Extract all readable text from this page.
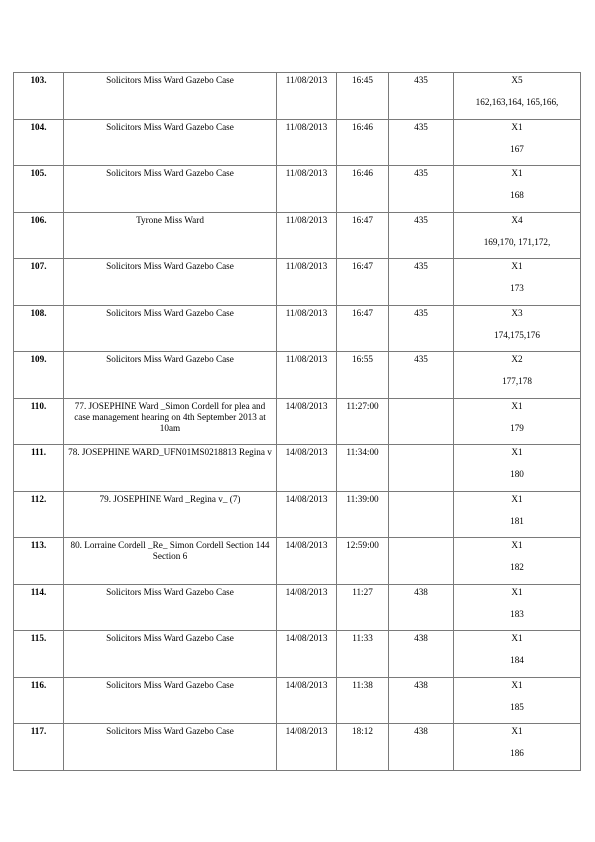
103.	Solicitors Miss Ward Gazebo Case	11/08/2013	16:45	435	X5
162,163,164, 165,166,

104.	Solicitors Miss Ward Gazebo Case	11/08/2013	16:46	435	X1
167

105.	Solicitors Miss Ward Gazebo Case	11/08/2013	16:46	435	X1
168

106.	Tyrone Miss Ward	11/08/2013	16:47	435	X4
169,170, 171,172,

107.	Solicitors Miss Ward Gazebo Case	11/08/2013	16:47	435	X1
173

108.	Solicitors Miss Ward Gazebo Case	11/08/2013	16:47	435	X3
174,175,176

109.	Solicitors Miss Ward Gazebo Case	11/08/2013	16:55	435	X2
177,178

110.	77. JOSEPHINE Ward _Simon Cordell for plea and case management hearing on 4th September 2013 at 10am	14/08/2013	11:27:00		X1
179

111.	78. JOSEPHINE WARD_UFN01MS0218813 Regina v	14/08/2013	11:34:00		X1
180

112.	79. JOSEPHINE Ward _Regina v_ (7)	14/08/2013	11:39:00		X1
181

113.	80. Lorraine Cordell _Re_ Simon Cordell Section 144 Section 6	14/08/2013	12:59:00		X1
182

114.	Solicitors Miss Ward Gazebo Case	14/08/2013	11:27	438	X1
183

115.	Solicitors Miss Ward Gazebo Case	14/08/2013	11:33	438	X1
184

116.	Solicitors Miss Ward Gazebo Case	14/08/2013	11:38	438	X1
185

117.	Solicitors Miss Ward Gazebo Case	14/08/2013	18:12	438	X1
186
